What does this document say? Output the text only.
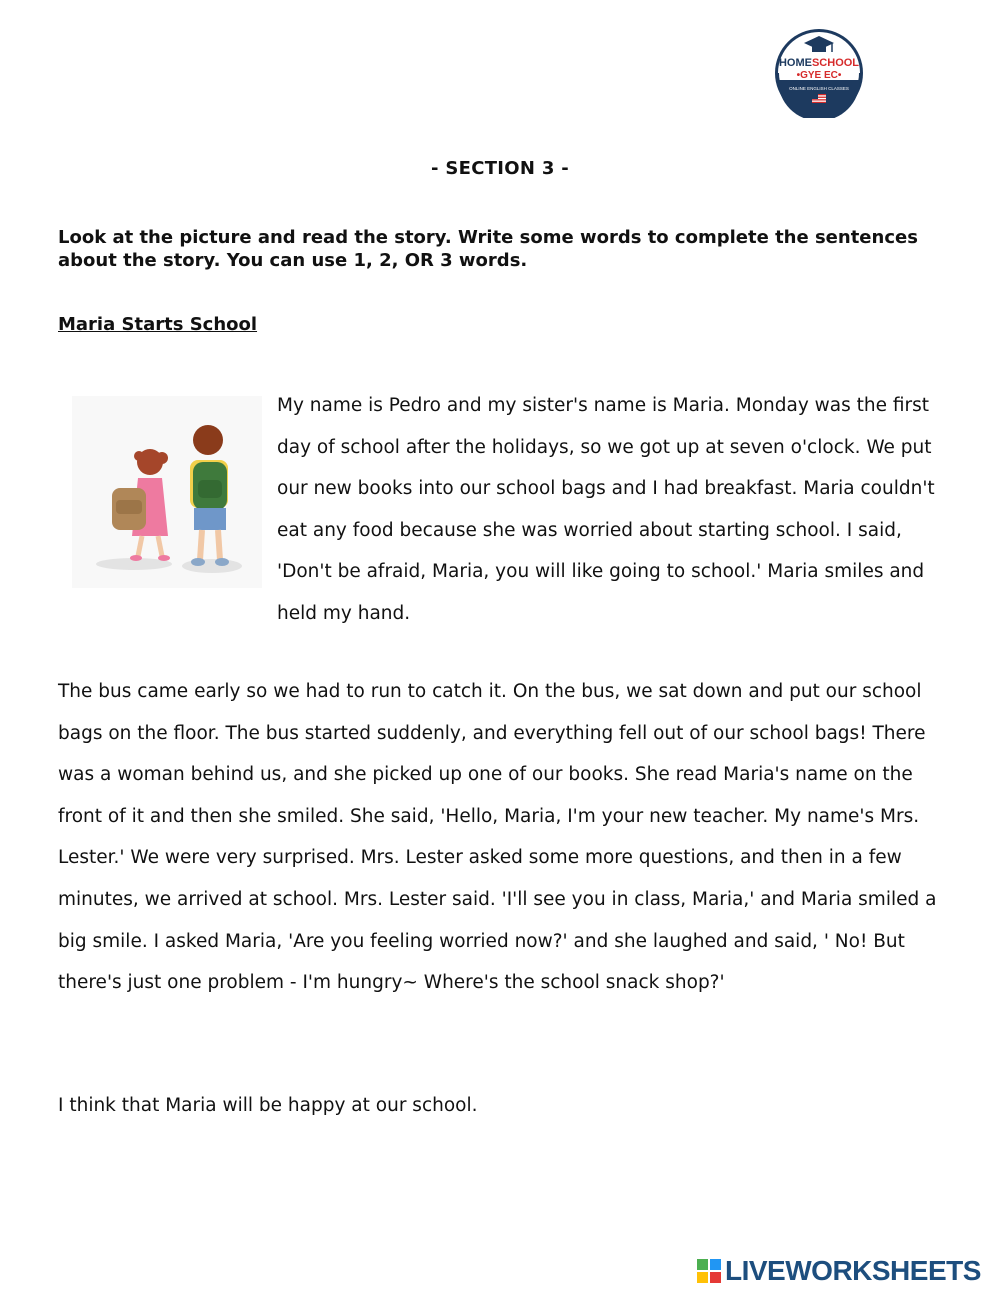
HOMESCHOOL
•GYE EC•
ONLINE ENGLISH CLASSES
- SECTION 3 -
Look at the picture and read the story. Write some words to complete the sentences about the story. You can use 1, 2, OR 3 words.
Maria Starts School

My name is Pedro and my sister's name is Maria. Monday was the first day of school after the holidays, so we got up at seven o'clock. We put our new books into our school bags and I had breakfast. Maria couldn't eat any food because she was worried about starting school. I said, 'Don't be afraid, Maria, you will like going to school.' Maria smiles and held my hand.

The bus came early so we had to run to catch it. On the bus, we sat down and put our school bags on the floor. The bus started suddenly, and everything fell out of our school bags! There was a woman behind us, and she picked up one of our books. She read Maria's name on the front of it and then she smiled. She said, 'Hello, Maria, I'm your new teacher. My name's Mrs. Lester.' We were very surprised. Mrs. Lester asked some more questions, and then in a few minutes, we arrived at school. Mrs. Lester said. 'I'll see you in class, Maria,' and Maria smiled a big smile. I asked Maria, 'Are you feeling worried now?' and she laughed and said, ' No! But there's just one problem - I'm hungry~ Where's the school snack shop?'

I think that Maria will be happy at our school.

LIVEWORKSHEETS
